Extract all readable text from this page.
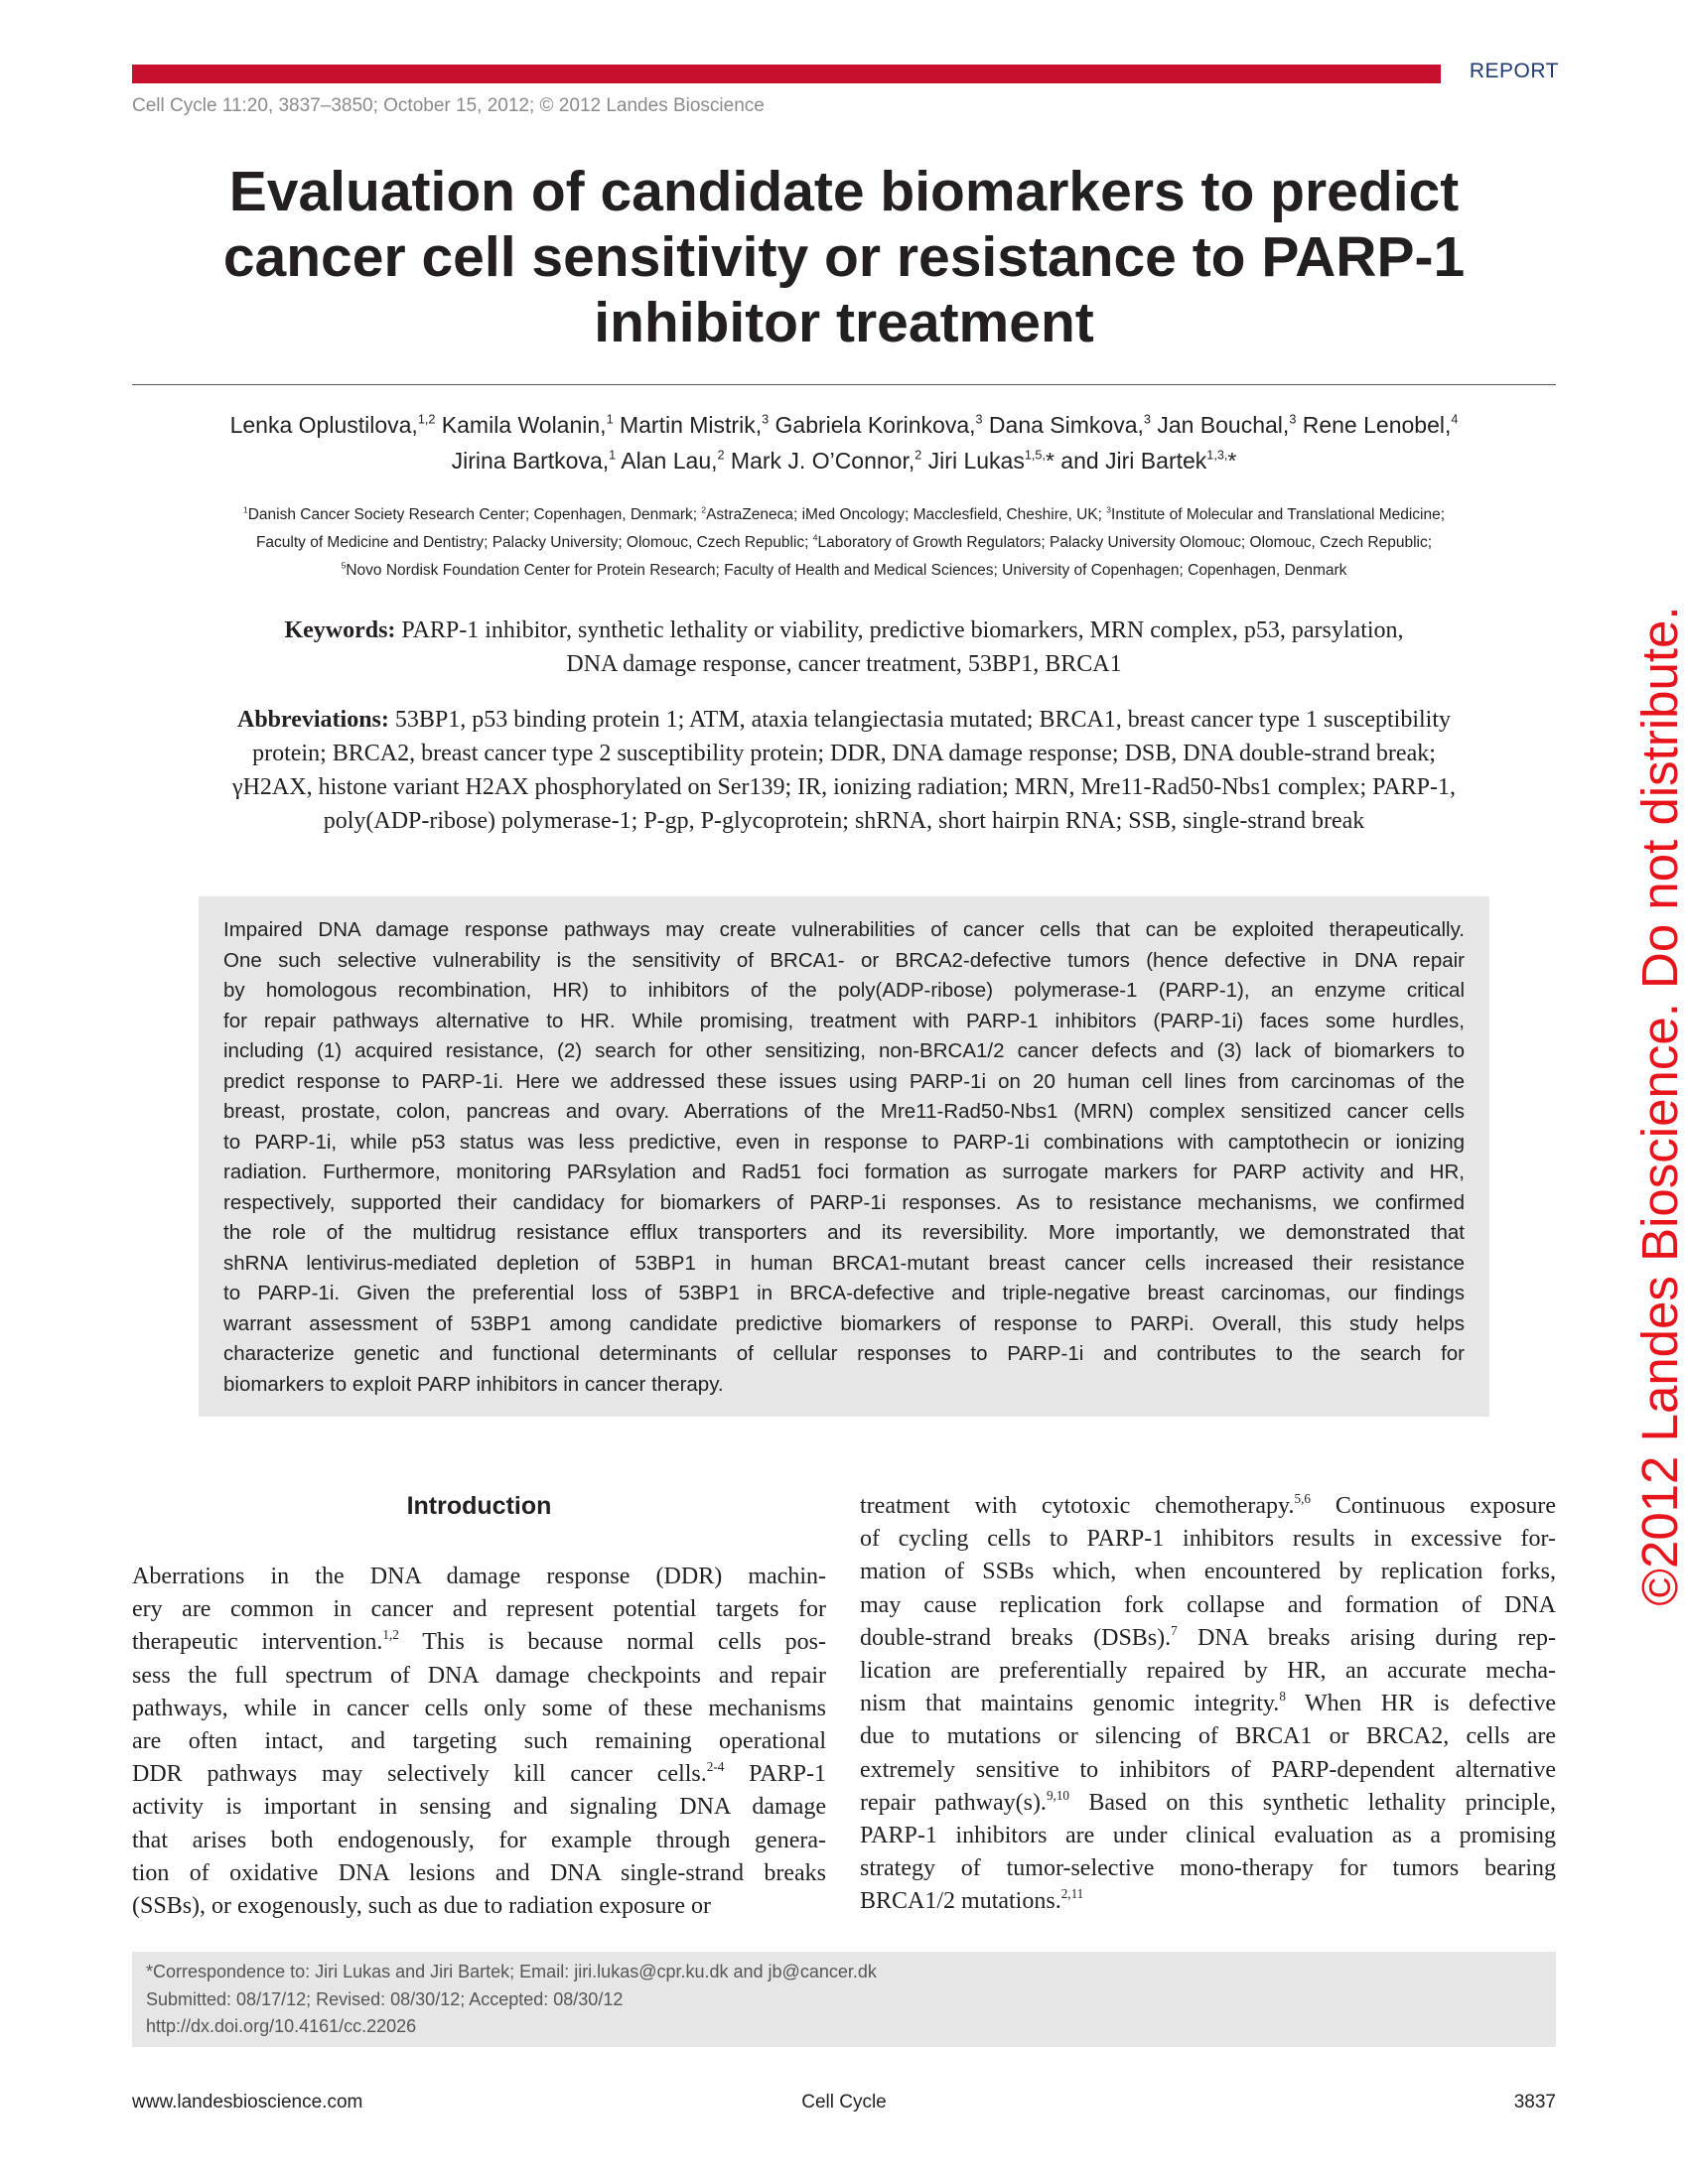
REPORT
Cell Cycle 11:20, 3837–3850; October 15, 2012; © 2012 Landes Bioscience
Evaluation of candidate biomarkers to predict
cancer cell sensitivity or resistance to PARP-1
inhibitor treatment
Lenka Oplustilova,$^{1,2}$ Kamila Wolanin,$^1$ Martin Mistrik,$^3$ Gabriela Korinkova,$^3$ Dana Simkova,$^3$ Jan Bouchal,$^3$ Rene Lenobel,$^4$
Jirina Bartkova,$^1$ Alan Lau,$^2$ Mark J. O’Connor,$^2$ Jiri Lukas$^{1,5,}$* and Jiri Bartek$^{1,3,}$*
$^1$Danish Cancer Society Research Center; Copenhagen, Denmark; $^2$AstraZeneca; iMed Oncology; Macclesfield, Cheshire, UK; $^3$Institute of Molecular and Translational Medicine;
Faculty of Medicine and Dentistry; Palacky University; Olomouc, Czech Republic; $^4$Laboratory of Growth Regulators; Palacky University Olomouc; Olomouc, Czech Republic;
$^5$Novo Nordisk Foundation Center for Protein Research; Faculty of Health and Medical Sciences; University of Copenhagen; Copenhagen, Denmark
Keywords: PARP-1 inhibitor, synthetic lethality or viability, predictive biomarkers, MRN complex, p53, parsylation,
DNA damage response, cancer treatment, 53BP1, BRCA1
Abbreviations: 53BP1, p53 binding protein 1; ATM, ataxia telangiectasia mutated; BRCA1, breast cancer type 1 susceptibility
protein; BRCA2, breast cancer type 2 susceptibility protein; DDR, DNA damage response; DSB, DNA double-strand break;
γH2AX, histone variant H2AX phosphorylated on Ser139; IR, ionizing radiation; MRN, Mre11-Rad50-Nbs1 complex; PARP-1,
poly(ADP-ribose) polymerase-1; P-gp, P-glycoprotein; shRNA, short hairpin RNA; SSB, single-strand break
Impaired DNA damage response pathways may create vulnerabilities of cancer cells that can be exploited therapeutically.
One such selective vulnerability is the sensitivity of BRCA1- or BRCA2-defective tumors (hence defective in DNA repair
by homologous recombination, HR) to inhibitors of the poly(ADP-ribose) polymerase-1 (PARP-1), an enzyme critical
for repair pathways alternative to HR. While promising, treatment with PARP-1 inhibitors (PARP-1i) faces some hurdles,
including (1) acquired resistance, (2) search for other sensitizing, non-BRCA1/2 cancer defects and (3) lack of biomarkers to
predict response to PARP-1i. Here we addressed these issues using PARP-1i on 20 human cell lines from carcinomas of the
breast, prostate, colon, pancreas and ovary. Aberrations of the Mre11-Rad50-Nbs1 (MRN) complex sensitized cancer cells
to PARP-1i, while p53 status was less predictive, even in response to PARP-1i combinations with camptothecin or ionizing
radiation. Furthermore, monitoring PARsylation and Rad51 foci formation as surrogate markers for PARP activity and HR,
respectively, supported their candidacy for biomarkers of PARP-1i responses. As to resistance mechanisms, we confirmed
the role of the multidrug resistance efflux transporters and its reversibility. More importantly, we demonstrated that
shRNA lentivirus-mediated depletion of 53BP1 in human BRCA1-mutant breast cancer cells increased their resistance
to PARP-1i. Given the preferential loss of 53BP1 in BRCA-defective and triple-negative breast carcinomas, our findings
warrant assessment of 53BP1 among candidate predictive biomarkers of response to PARPi. Overall, this study helps
characterize genetic and functional determinants of cellular responses to PARP-1i and contributes to the search for
biomarkers to exploit PARP inhibitors in cancer therapy.
Introduction
Aberrations in the DNA damage response (DDR) machin-
ery are common in cancer and represent potential targets for
therapeutic intervention.$^{1,2}$ This is because normal cells pos-
sess the full spectrum of DNA damage checkpoints and repair
pathways, while in cancer cells only some of these mechanisms
are often intact, and targeting such remaining operational
DDR pathways may selectively kill cancer cells.$^{2-4}$ PARP-1
activity is important in sensing and signaling DNA damage
that arises both endogenously, for example through genera-
tion of oxidative DNA lesions and DNA single-strand breaks
(SSBs), or exogenously, such as due to radiation exposure or
treatment with cytotoxic chemotherapy.$^{5,6}$ Continuous exposure
of cycling cells to PARP-1 inhibitors results in excessive for-
mation of SSBs which, when encountered by replication forks,
may cause replication fork collapse and formation of DNA
double-strand breaks (DSBs).$^7$ DNA breaks arising during rep-
lication are preferentially repaired by HR, an accurate mecha-
nism that maintains genomic integrity.$^8$ When HR is defective
due to mutations or silencing of BRCA1 or BRCA2, cells are
extremely sensitive to inhibitors of PARP-dependent alternative
repair pathway(s).$^{9,10}$ Based on this synthetic lethality principle,
PARP-1 inhibitors are under clinical evaluation as a promising
strategy of tumor-selective mono-therapy for tumors bearing
BRCA1/2 mutations.$^{2,11}$
*Correspondence to: Jiri Lukas and Jiri Bartek; Email: jiri.lukas@cpr.ku.dk and jb@cancer.dk
Submitted: 08/17/12; Revised: 08/30/12; Accepted: 08/30/12
http://dx.doi.org/10.4161/cc.22026
www.landesbioscience.com	Cell Cycle	3837
©2012 Landes Bioscience. Do not distribute.
